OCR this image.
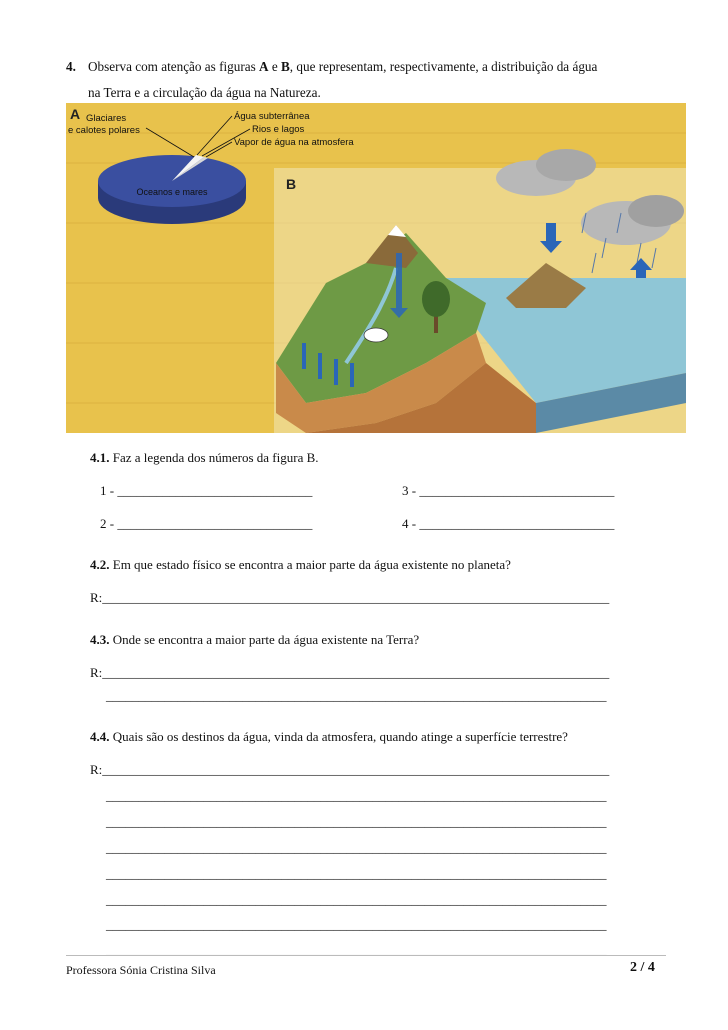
4. Observa com atenção as figuras A e B, que representam, respectivamente, a distribuição da água
na Terra e a circulação da água na Natureza.
A
Oceanos e mares
Glaciares
e calotes polares
Água subterrânea
Rios e lagos
Vapor de água na atmosfera
B
4.1. Faz a legenda dos números da figura B.
1 - ______________________________	3 - ______________________________
2 - ______________________________	4 - ______________________________
4.2. Em que estado físico se encontra a maior parte da água existente no planeta?
R:______________________________________________________________________________
4.3. Onde se encontra a maior parte da água existente na Terra?
R:______________________________________________________________________________
_____________________________________________________________________________
4.4. Quais são os destinos da água, vinda da atmosfera, quando atinge a superfície terrestre?
R:______________________________________________________________________________
_____________________________________________________________________________
_____________________________________________________________________________
_____________________________________________________________________________
_____________________________________________________________________________
_____________________________________________________________________________
_____________________________________________________________________________
_____________________________________________________________________________
Professora Sónia Cristina Silva	2 / 4
